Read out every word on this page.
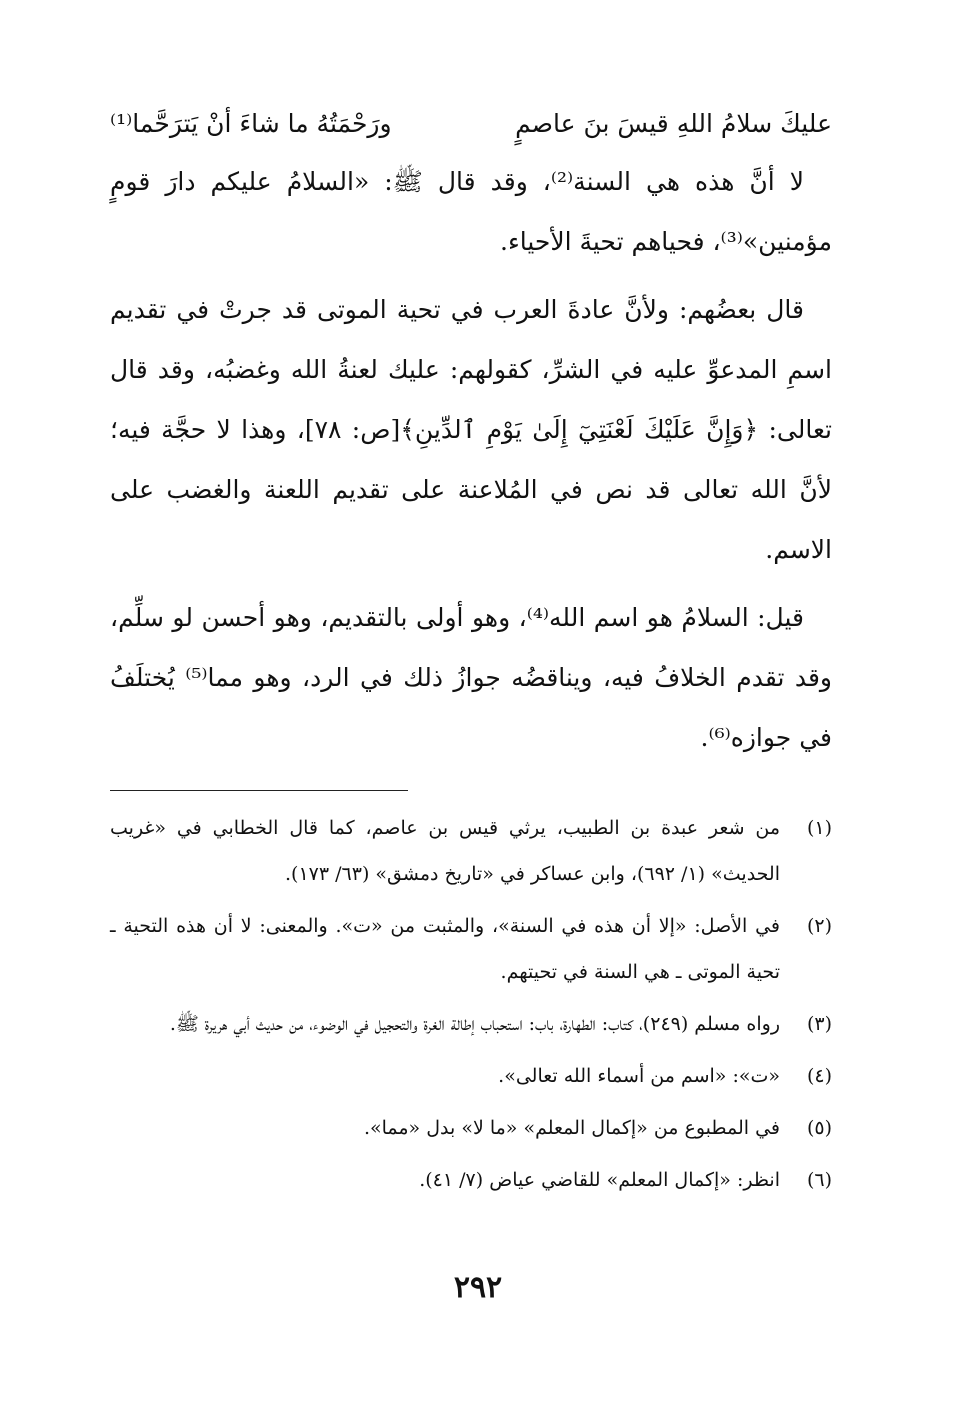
عليكَ سلامُ اللهِ قيسَ بنَ عاصمٍ
ورَحْمَتُهُ ما شاءَ أنْ يَترَحَّما⁽¹⁾

لا أنَّ هذه هي السنة⁽²⁾، وقد قال ﷺ: «السلامُ عليكم دارَ قومٍ مؤمنين»⁽³⁾، فحياهم تحيةَ الأحياء.

قال بعضُهم: ولأنَّ عادةَ العرب في تحية الموتى قد جرتْ في تقديم اسمِ المدعوِّ عليه في الشرِّ، كقولهم: عليك لعنةُ الله وغضبُه، وقد قال تعالى: ﴿وَإِنَّ عَلَيْكَ لَعْنَتِيٓ إِلَىٰ يَوْمِ ٱلدِّينِ﴾[ص: ٧٨]، وهذا لا حجَّة فيه؛ لأنَّ الله تعالى قد نص في المُلاعنة على تقديم اللعنة والغضب على الاسم.

قيل: السلامُ هو اسم الله⁽⁴⁾، وهو أولى بالتقديم، وهو أحسن لو سلِّم، وقد تقدم الخلافُ فيه، ويناقضُه جوازُ ذلك في الرد، وهو مما⁽⁵⁾ يُختلَفُ في جوازه⁽⁶⁾.

(١)
من شعر عبدة بن الطبيب، يرثي قيس بن عاصم، كما قال الخطابي في «غريب الحديث» (١/ ٦٩٢)، وابن عساكر في «تاريخ دمشق» (٦٣/ ١٧٣).
(٢)
في الأصل: «إلا أن هذه في السنة»، والمثبت من «ت». والمعنى: لا أن هذه التحية ـ تحية الموتى ـ هي السنة في تحيتهم.
(٣)
رواه مسلم (٢٤٩)، كتاب: الطهارة، باب: استحباب إطالة الغرة والتحجيل في الوضوء، من حديث أبي هريرة ﷺ.
(٤)
«ت»: «اسم من أسماء الله تعالى».
(٥)
في المطبوع من «إكمال المعلم» «ما لا» بدل «مما».
(٦)
انظر: «إكمال المعلم» للقاضي عياض (٧/ ٤١).
٢٩٢
